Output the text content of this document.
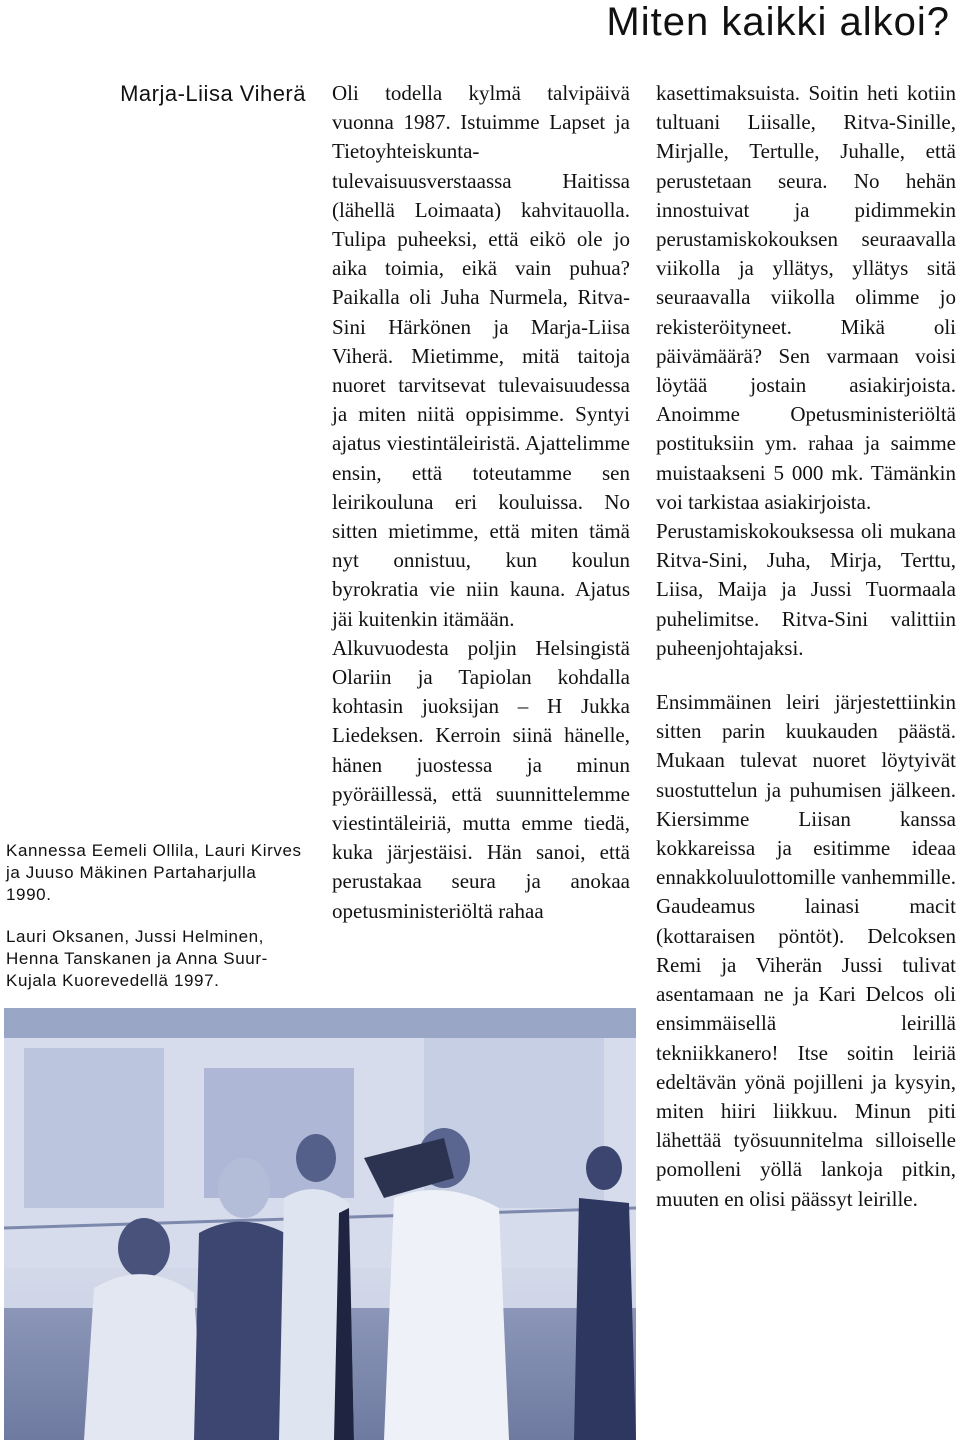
Miten kaikki alkoi?
Marja-Liisa Viherä
Kannessa Eemeli Ollila, Lauri Kirves ja Juuso Mäkinen Partaharjulla 1990.
Lauri Oksanen, Jussi Helminen, Henna Tanskanen ja Anna Suur-Kujala Kuorevedellä 1997.

Oli todella kylmä talvipäivä vuonna 1987. Istuimme Lapset ja Tietoyhteiskunta-tulevaisuusverstaassa Haitissa (lähellä Loimaata) kahvitauolla. Tulipa puheeksi, että eikö ole jo aika toimia, eikä vain puhua? Paikalla oli Juha Nurmela, Ritva-Sini Härkönen ja Marja-Liisa Viherä. Mietimme, mitä taitoja nuoret tarvitsevat tulevaisuudessa ja miten niitä oppisimme. Syntyi ajatus viestintäleiristä. Ajattelimme ensin, että toteutamme sen leirikouluna eri kouluissa. No sitten mietimme, että miten tämä nyt onnistuu, kun koulun byrokratia vie niin kauna. Ajatus jäi kuitenkin itämään.

Alkuvuodesta poljin Helsingistä Olariin ja Tapiolan kohdalla kohtasin juoksijan – H Jukka Liedeksen. Kerroin siinä hänelle, hänen juostessa ja minun pyöräillessä, että suunnittelemme viestintäleiriä, mutta emme tiedä, kuka järjestäisi. Hän sanoi, että perustakaa seura ja anokaa opetusministeriöltä rahaa

kasettimaksuista. Soitin heti kotiin tultuani Liisalle, Ritva-Sinille, Mirjalle, Tertulle, Juhalle, että perustetaan seura. No hehän innostuivat ja pidimmekin perustamiskokouksen seuraavalla viikolla ja yllätys, yllätys sitä seuraavalla viikolla olimme jo rekisteröityneet. Mikä oli päivämäärä? Sen varmaan voisi löytää jostain asiakirjoista. Anoimme Opetusministeriöltä postituksiin ym. rahaa ja saimme muistaakseni 5 000 mk. Tämänkin voi tarkistaa asiakirjoista.

Perustamiskokouksessa oli mukana Ritva-Sini, Juha, Mirja, Terttu, Liisa, Maija ja Jussi Tuormaala puhelimitse. Ritva-Sini valittiin puheenjohtajaksi.

Ensimmäinen leiri järjestettiinkin sitten parin kuukauden päästä. Mukaan tulevat nuoret löytyivät suostuttelun ja puhumisen jälkeen. Kiersimme Liisan kanssa kokkareissa ja esitimme ideaa ennakkoluulottomille vanhemmille. Gaudeamus lainasi macit (kottaraisen pöntöt). Delcoksen Remi ja Viherän Jussi tulivat asentamaan ne ja Kari Delcos oli ensimmäisellä leirillä tekniikkanero! Itse soitin leiriä edeltävän yönä pojilleni ja kysyin, miten hiiri liikkuu. Minun piti lähettää työsuunnitelma silloiselle pomolleni yöllä lankoja pitkin, muuten en olisi päässyt leirille.
